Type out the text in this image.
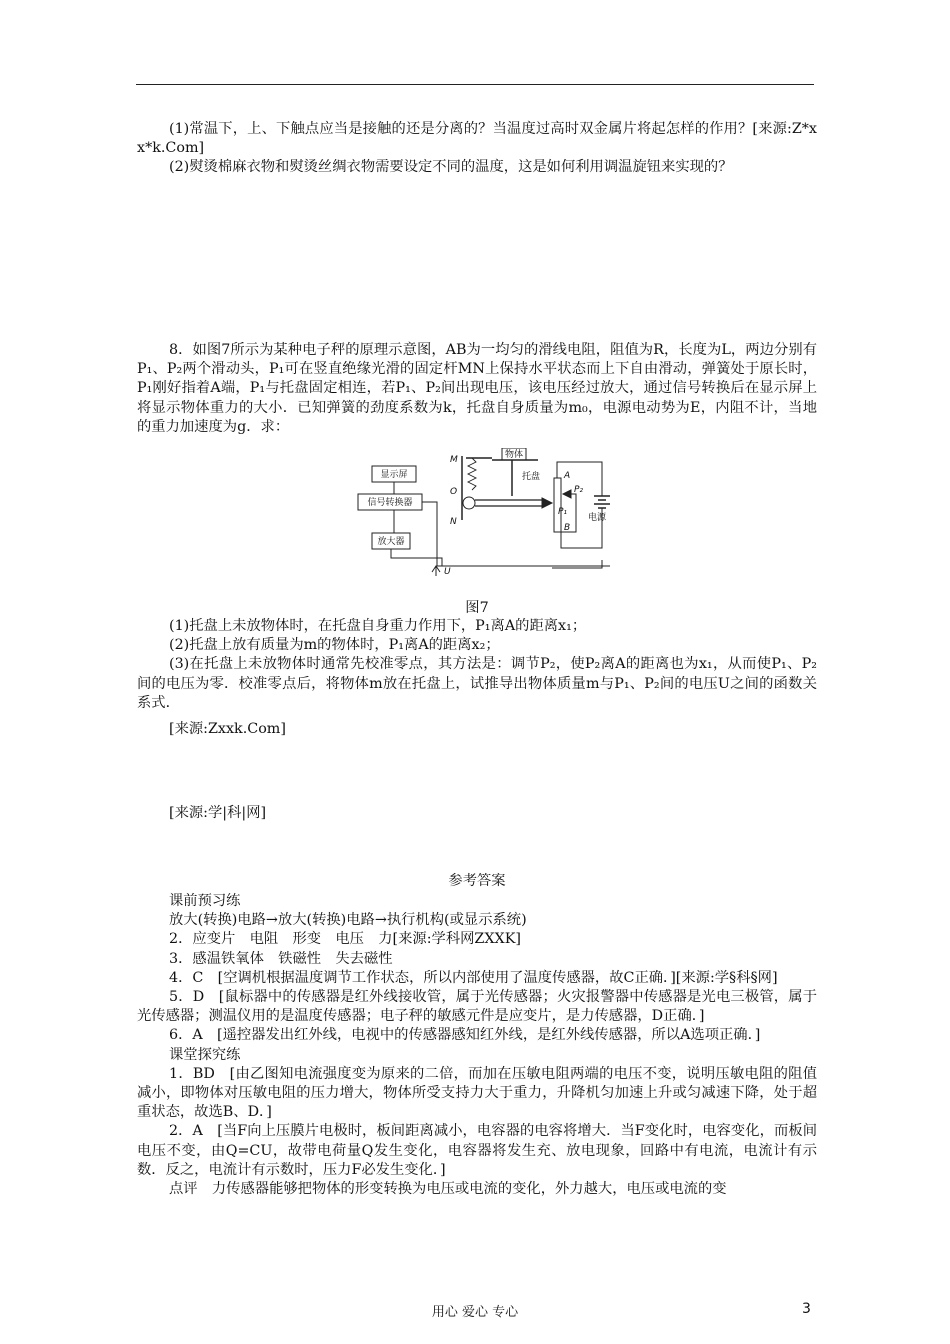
(1)常温下，上、下触点应当是接触的还是分离的？当温度过高时双金属片将起怎样的作用？[来源:Z*xx*k.Com]

(2)熨烫棉麻衣物和熨烫丝绸衣物需要设定不同的温度，这是如何利用调温旋钮来实现的？

8．如图7所示为某种电子秤的原理示意图，AB为一均匀的滑线电阻，阻值为R，长度为L，两边分别有P₁、P₂两个滑动头，P₁可在竖直绝缘光滑的固定杆MN上保持水平状态而上下自由滑动，弹簧处于原长时，P₁刚好指着A端，P₁与托盘固定相连，若P₁、P₂间出现电压，该电压经过放大，通过信号转换后在显示屏上将显示物体重力的大小．已知弹簧的劲度系数为k，托盘自身质量为m₀，电源电动势为E，内阻不计，当地的重力加速度为g．求：

显示屏
信号转换器
放大器
M
O
N
物体
托盘	A
B
P₁
P₂
电源
U
图7

(1)托盘上未放物体时，在托盘自身重力作用下，P₁离A的距离x₁；

(2)托盘上放有质量为m的物体时，P₁离A的距离x₂；

(3)在托盘上未放物体时通常先校准零点，其方法是：调节P₂，使P₂离A的距离也为x₁，从而使P₁、P₂间的电压为零．校准零点后，将物体m放在托盘上，试推导出物体质量m与P₁、P₂间的电压U之间的函数关系式．

[来源:Zxxk.Com]

[来源:学|科|网]

参考答案

课前预习练

放大(转换)电路→放大(转换)电路→执行机构(或显示系统)

2．应变片　电阻　形变　电压　力[来源:学科网ZXXK]

3．感温铁氧体　铁磁性　失去磁性

4．C　[空调机根据温度调节工作状态，所以内部使用了温度传感器，故C正确．][来源:学§科§网]

5．D　[鼠标器中的传感器是红外线接收管，属于光传感器；火灾报警器中传感器是光电三极管，属于光传感器；测温仪用的是温度传感器；电子秤的敏感元件是应变片，是力传感器，D正确．]

6．A　[遥控器发出红外线，电视中的传感器感知红外线，是红外线传感器，所以A选项正确．]

课堂探究练

1．BD　[由乙图知电流强度变为原来的二倍，而加在压敏电阻两端的电压不变，说明压敏电阻的阻值减小，即物体对压敏电阻的压力增大，物体所受支持力大于重力，升降机匀加速上升或匀减速下降，处于超重状态，故选B、D．]

2．A　[当F向上压膜片电极时，板间距离减小，电容器的电容将增大．当F变化时，电容变化，而板间电压不变，由Q=CU，故带电荷量Q发生变化，电容器将发生充、放电现象，回路中有电流，电流计有示数．反之，电流计有示数时，压力F必发生变化．]

点评　力传感器能够把物体的形变转换为电压或电流的变化，外力越大，电压或电流的变

用心 爱心 专心	3
